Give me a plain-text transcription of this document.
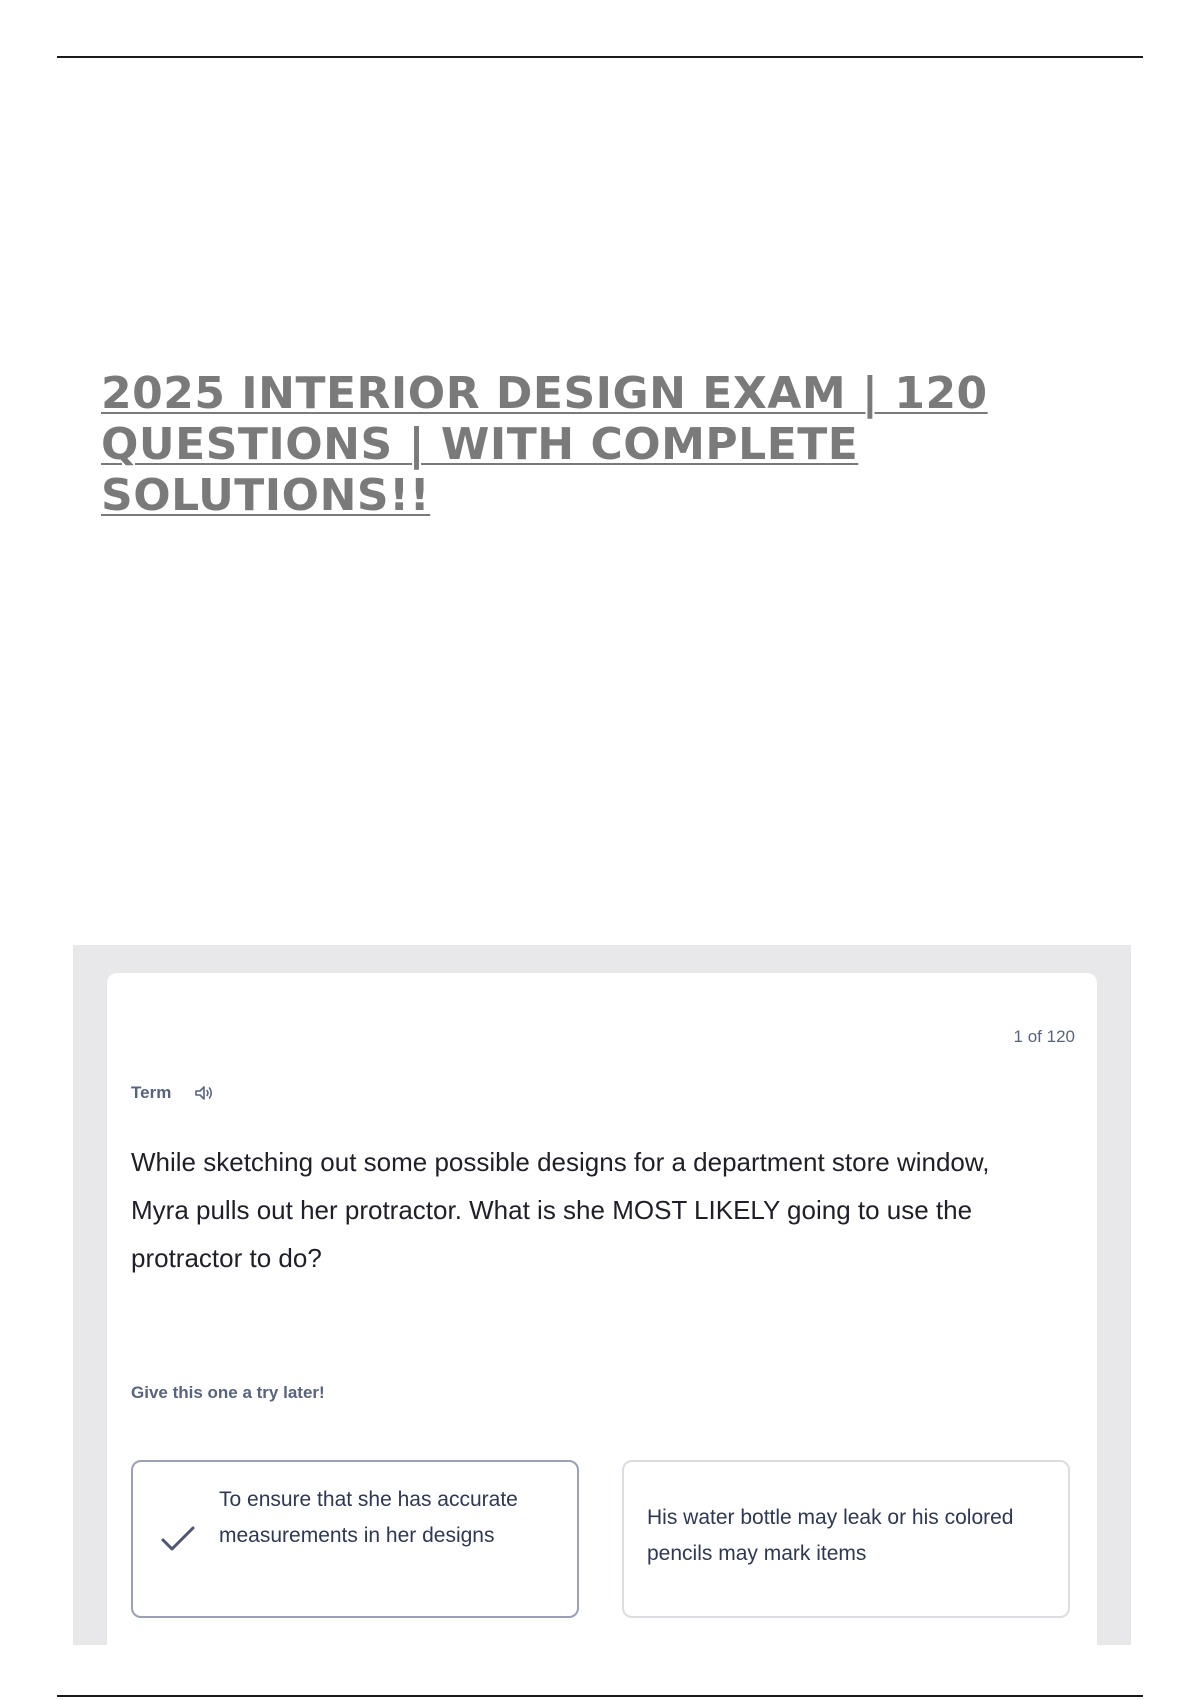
2025 INTERIOR DESIGN EXAM | 120 QUESTIONS | WITH COMPLETE SOLUTIONS!!
1 of 120
Term

While sketching out some possible designs for a department store window, Myra pulls out her protractor. What is she MOST LIKELY going to use the protractor to do?

Give this one a try later!
To ensure that she has accurate measurements in her designs
His water bottle may leak or his colored pencils may mark items
